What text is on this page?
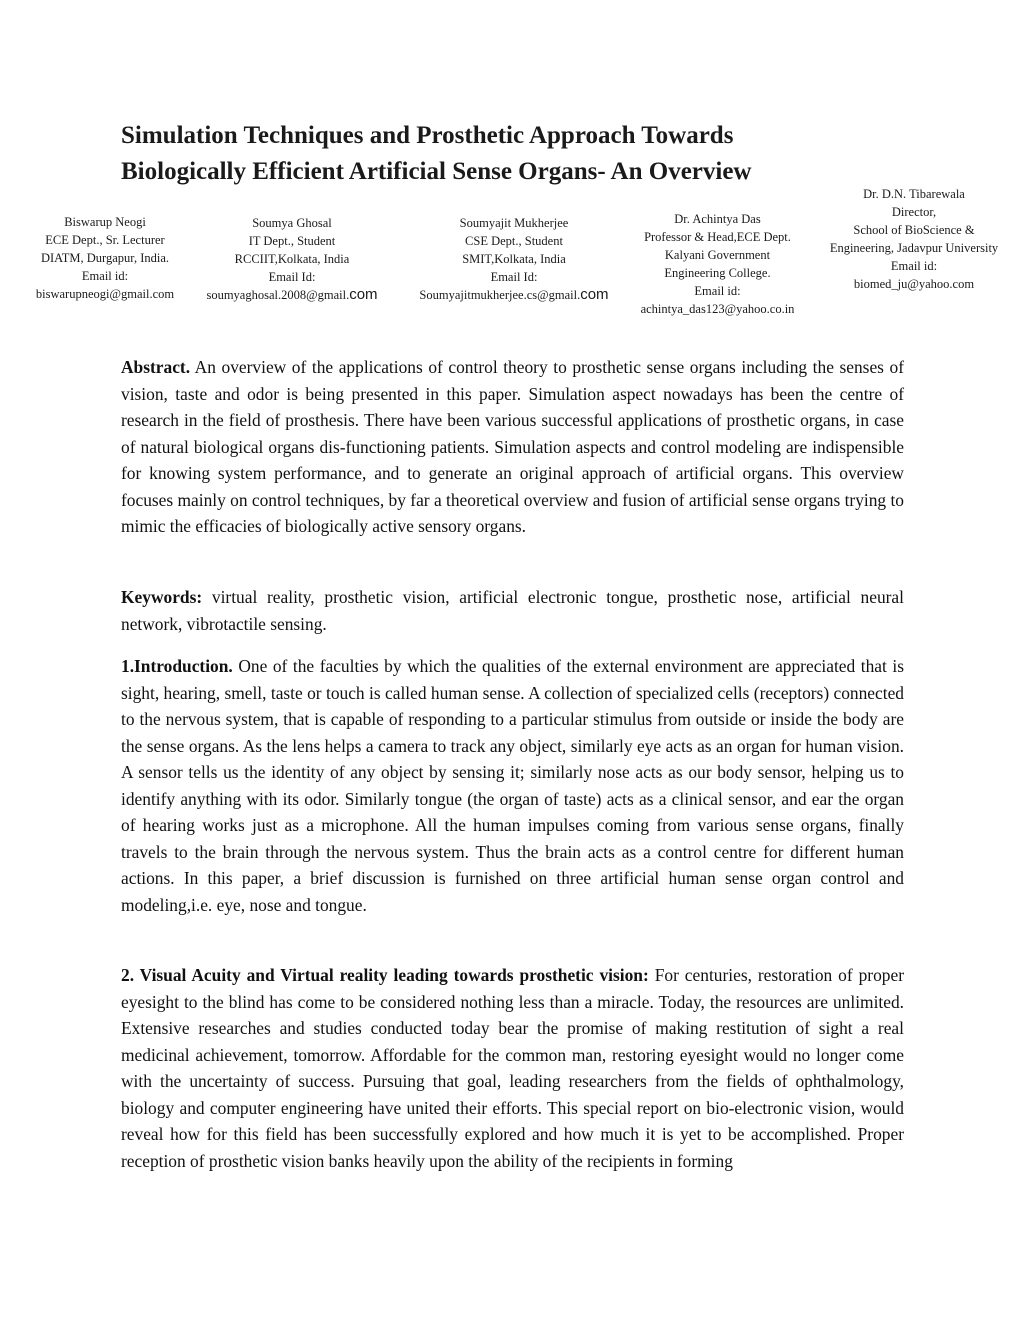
Simulation Techniques and Prosthetic Approach Towards
Biologically Efficient Artificial Sense Organs- An Overview
Biswarup Neogi
ECE Dept., Sr. Lecturer
DIATM, Durgapur, India.
Email id:
biswarupneogi@gmail.com
Soumya Ghosal
IT Dept., Student
RCCIIT,Kolkata, India
Email Id:
soumyaghosal.2008@gmail.com
Soumyajit Mukherjee
CSE Dept., Student
SMIT,Kolkata, India
Email Id:
Soumyajitmukherjee.cs@gmail.com
Dr. Achintya Das
Professor & Head,ECE Dept.
Kalyani Government
Engineering College.
Email id:
achintya_das123@yahoo.co.in
Dr. D.N. Tibarewala
Director,
School of BioScience &
Engineering, Jadavpur University
Email id:
biomed_ju@yahoo.com
Abstract. An overview of the applications of control theory to prosthetic sense organs including the senses of vision, taste and odor is being presented in this paper. Simulation aspect nowadays has been the centre of research in the field of prosthesis. There have been various successful applications of prosthetic organs, in case of natural biological organs dis-functioning patients. Simulation aspects and control modeling are indispensible for knowing system performance, and to generate an original approach of artificial organs. This overview focuses mainly on control techniques, by far a theoretical overview and fusion of artificial sense organs trying to mimic the efficacies of biologically active sensory organs.
Keywords: virtual reality, prosthetic vision, artificial electronic tongue, prosthetic nose, artificial neural network, vibrotactile sensing.
1.Introduction. One of the faculties by which the qualities of the external environment are appreciated that is sight, hearing, smell, taste or touch is called human sense. A collection of specialized cells (receptors) connected to the nervous system, that is capable of responding to a particular stimulus from outside or inside the body are the sense organs. As the lens helps a camera to track any object, similarly eye acts as an organ for human vision. A sensor tells us the identity of any object by sensing it; similarly nose acts as our body sensor, helping us to identify anything with its odor. Similarly tongue (the organ of taste) acts as a clinical sensor, and ear the organ of hearing works just as a microphone. All the human impulses coming from various sense organs, finally travels to the brain through the nervous system. Thus the brain acts as a control centre for different human actions. In this paper, a brief discussion is furnished on three artificial human sense organ control and modeling,i.e. eye, nose and tongue.
2. Visual Acuity and Virtual reality leading towards prosthetic vision: For centuries, restoration of proper eyesight to the blind has come to be considered nothing less than a miracle. Today, the resources are unlimited. Extensive researches and studies conducted today bear the promise of making restitution of sight a real medicinal achievement, tomorrow. Affordable for the common man, restoring eyesight would no longer come with the uncertainty of success. Pursuing that goal, leading researchers from the fields of ophthalmology, biology and computer engineering have united their efforts. This special report on bio-electronic vision, would reveal how for this field has been successfully explored and how much it is yet to be accomplished. Proper reception of prosthetic vision banks heavily upon the ability of the recipients in forming
